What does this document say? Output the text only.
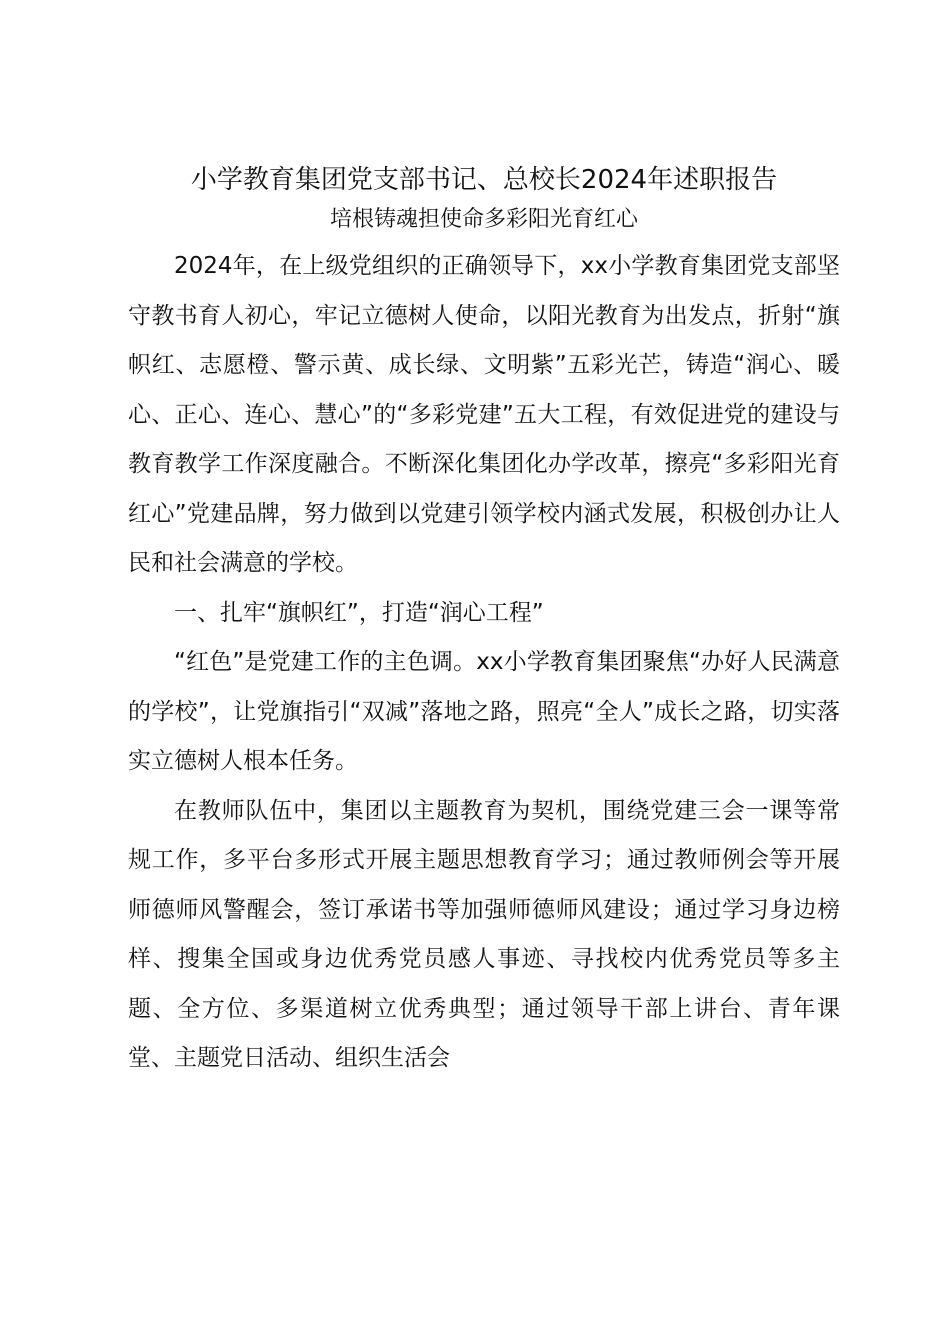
小学教育集团党支部书记、总校长2024年述职报告
培根铸魂担使命多彩阳光育红心

2024年，在上级党组织的正确领导下，xx小学教育集团党支部坚守教书育人初心，牢记立德树人使命，以阳光教育为出发点，折射“旗帜红、志愿橙、警示黄、成长绿、文明紫”五彩光芒，铸造“润心、暖心、正心、连心、慧心”的“多彩党建”五大工程，有效促进党的建设与教育教学工作深度融合。不断深化集团化办学改革，擦亮“多彩阳光育红心”党建品牌，努力做到以党建引领学校内涵式发展，积极创办让人民和社会满意的学校。

一、扎牢“旗帜红”，打造“润心工程”

“红色”是党建工作的主色调。xx小学教育集团聚焦“办好人民满意的学校”，让党旗指引“双减”落地之路，照亮“全人”成长之路，切实落实立德树人根本任务。

在教师队伍中，集团以主题教育为契机，围绕党建三会一课等常规工作，多平台多形式开展主题思想教育学习；通过教师例会等开展师德师风警醒会，签订承诺书等加强师德师风建设；通过学习身边榜样、搜集全国或身边优秀党员感人事迹、寻找校内优秀党员等多主题、全方位、多渠道树立优秀典型；通过领导干部上讲台、青年课堂、主题党日活动、组织生活会
